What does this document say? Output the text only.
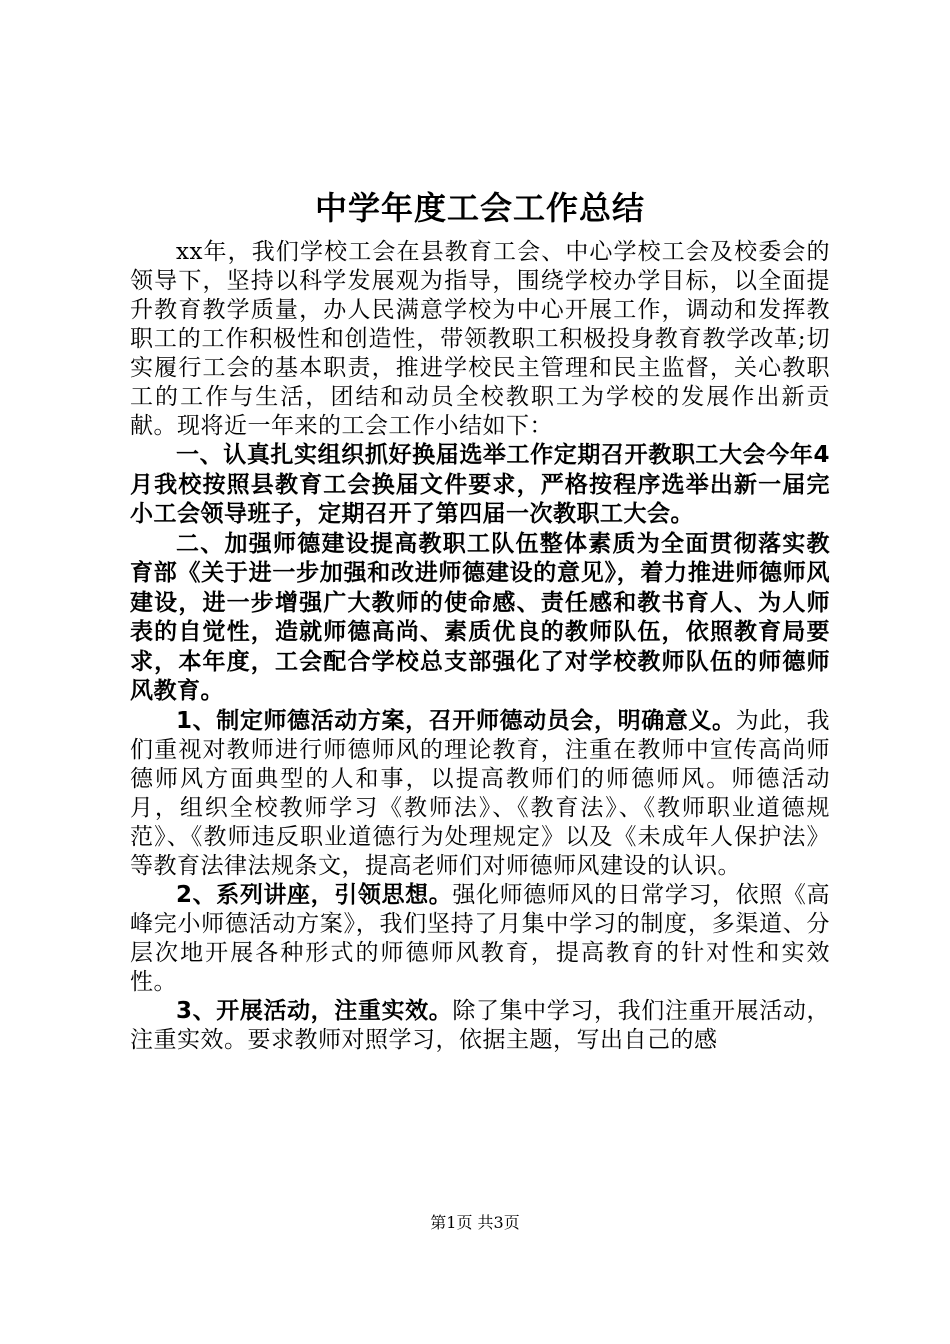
中学年度工会工作总结

xx年，我们学校工会在县教育工会、中心学校工会及校委会的领导下，坚持以科学发展观为指导，围绕学校办学目标，以全面提升教育教学质量，办人民满意学校为中心开展工作，调动和发挥教职工的工作积极性和创造性，带领教职工积极投身教育教学改革;切实履行工会的基本职责，推进学校民主管理和民主监督，关心教职工的工作与生活，团结和动员全校教职工为学校的发展作出新贡献。现将近一年来的工会工作小结如下：

一、认真扎实组织抓好换届选举工作定期召开教职工大会今年4月我校按照县教育工会换届文件要求，严格按程序选举出新一届完小工会领导班子，定期召开了第四届一次教职工大会。

二、加强师德建设提高教职工队伍整体素质为全面贯彻落实教育部《关于进一步加强和改进师德建设的意见》，着力推进师德师风建设，进一步增强广大教师的使命感、责任感和教书育人、为人师表的自觉性，造就师德高尚、素质优良的教师队伍，依照教育局要求，本年度，工会配合学校总支部强化了对学校教师队伍的师德师风教育。

1、制定师德活动方案，召开师德动员会，明确意义。为此，我们重视对教师进行师德师风的理论教育，注重在教师中宣传高尚师德师风方面典型的人和事，以提高教师们的师德师风。师德活动月，组织全校教师学习《教师法》、《教育法》、《教师职业道德规范》、《教师违反职业道德行为处理规定》以及《未成年人保护法》等教育法律法规条文，提高老师们对师德师风建设的认识。

2、系列讲座，引领思想。强化师德师风的日常学习，依照《高峰完小师德活动方案》，我们坚持了月集中学习的制度，多渠道、分层次地开展各种形式的师德师风教育，提高教育的针对性和实效性。

3、开展活动，注重实效。除了集中学习，我们注重开展活动，注重实效。要求教师对照学习，依据主题，写出自己的感

第1页 共3页
